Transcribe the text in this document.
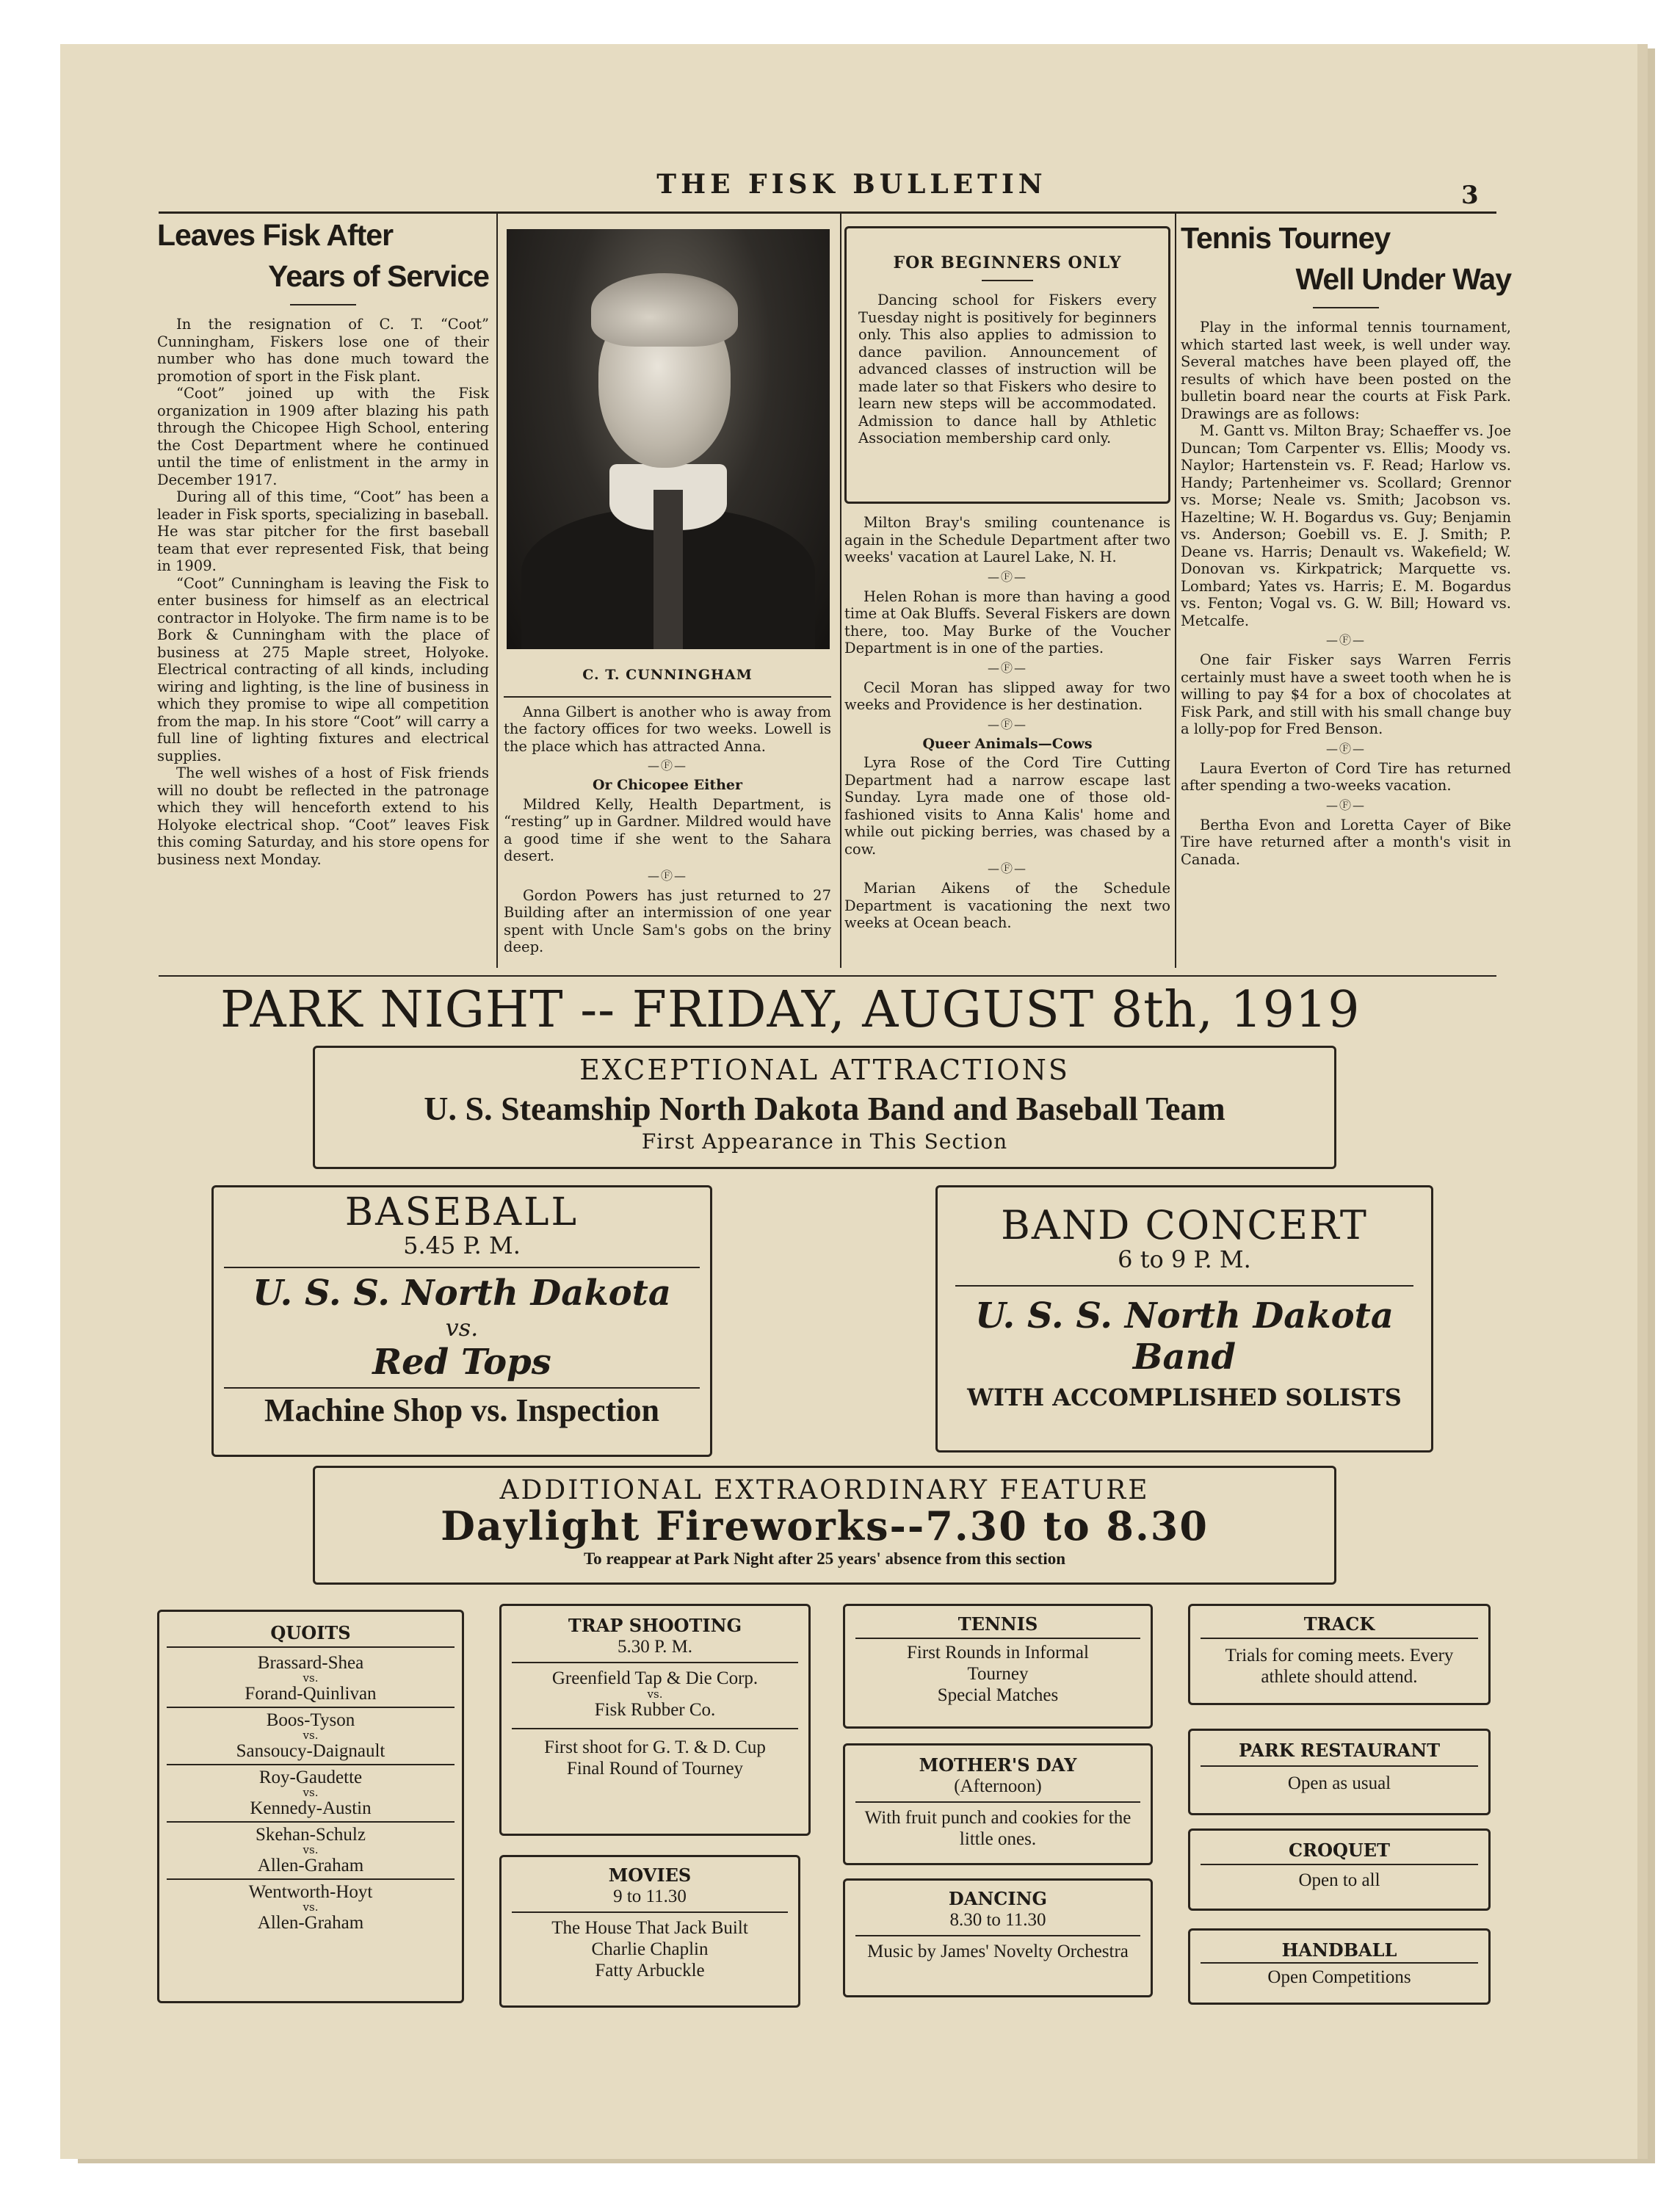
THE FISK BULLETIN	3
Leaves Fisk After
Years of Service

In the resignation of C. T. “Coot” Cunningham, Fiskers lose one of their number who has done much toward the promotion of sport in the Fisk plant.

“Coot” joined up with the Fisk organization in 1909 after blazing his path through the Chicopee High School, entering the Cost Department where he continued until the time of enlistment in the army in December 1917.

During all of this time, “Coot” has been a leader in Fisk sports, specializing in baseball. He was star pitcher for the first baseball team that ever represented Fisk, that being in 1909.

“Coot” Cunningham is leaving the Fisk to enter business for himself as an electrical contractor in Holyoke. The firm name is to be Bork & Cunningham with the place of business at 275 Maple street, Holyoke. Electrical contracting of all kinds, including wiring and lighting, is the line of business in which they promise to wipe all competition from the map. In his store “Coot” will carry a full line of lighting fixtures and electrical supplies.

The well wishes of a host of Fisk friends will no doubt be reflected in the patronage which they will henceforth extend to his Holyoke electrical shop. “Coot” leaves Fisk this coming Saturday, and his store opens for business next Monday.

C. T. CUNNINGHAM

Anna Gilbert is another who is away from the factory offices for two weeks. Lowell is the place which has attracted Anna.

—Ⓕ—
Or Chicopee Either

Mildred Kelly, Health Department, is “resting” up in Gardner. Mildred would have a good time if she went to the Sahara desert.

—Ⓕ—

Gordon Powers has just returned to 27 Building after an intermission of one year spent with Uncle Sam's gobs on the briny deep.

FOR BEGINNERS ONLY
Dancing school for Fiskers every Tuesday night is positively for beginners only. This also applies to admission to dance pavilion. Announcement of advanced classes of instruction will be made later so that Fiskers who desire to learn new steps will be accommodated. Admission to dance hall by Athletic Association membership card only.

Milton Bray's smiling countenance is again in the Schedule Department after two weeks' vacation at Laurel Lake, N. H.

—Ⓕ—

Helen Rohan is more than having a good time at Oak Bluffs. Several Fiskers are down there, too. May Burke of the Voucher Department is in one of the parties.

—Ⓕ—

Cecil Moran has slipped away for two weeks and Providence is her destination.

—Ⓕ—
Queer Animals—Cows

Lyra Rose of the Cord Tire Cutting Department had a narrow escape last Sunday. Lyra made one of those old-fashioned visits to Anna Kalis' home and while out picking berries, was chased by a cow.

—Ⓕ—

Marian Aikens of the Schedule Department is vacationing the next two weeks at Ocean beach.

Tennis Tourney
Well Under Way

Play in the informal tennis tournament, which started last week, is well under way. Several matches have been played off, the results of which have been posted on the bulletin board near the courts at Fisk Park. Drawings are as follows:

M. Gantt vs. Milton Bray; Schaeffer vs. Joe Duncan; Tom Carpenter vs. Ellis; Moody vs. Naylor; Hartenstein vs. F. Read; Harlow vs. Handy; Partenheimer vs. Scollard; Grennor vs. Morse; Neale vs. Smith; Jacobson vs. Hazeltine; W. H. Bogardus vs. Guy; Benjamin vs. Anderson; Goebill vs. E. J. Smith; P. Deane vs. Harris; Denault vs. Wakefield; W. Donovan vs. Kirkpatrick; Marquette vs. Lombard; Yates vs. Harris; E. M. Bogardus vs. Fenton; Vogal vs. G. W. Bill; Howard vs. Metcalfe.

—Ⓕ—

One fair Fisker says Warren Ferris certainly must have a sweet tooth when he is willing to pay $4 for a box of chocolates at Fisk Park, and still with his small change buy a lolly-pop for Fred Benson.

—Ⓕ—

Laura Everton of Cord Tire has returned after spending a two-weeks vacation.

—Ⓕ—

Bertha Evon and Loretta Cayer of Bike Tire have returned after a month's visit in Canada.

PARK NIGHT -- FRIDAY, AUGUST 8th, 1919
EXCEPTIONAL ATTRACTIONS
U. S. Steamship North Dakota Band and Baseball Team
First Appearance in This Section
BASEBALL
5.45 P. M.
U. S. S. North Dakota
vs.
Red Tops
Machine Shop vs. Inspection
BAND CONCERT
6 to 9 P. M.
U. S. S. North Dakota
Band
WITH ACCOMPLISHED SOLISTS
ADDITIONAL EXTRAORDINARY FEATURE
Daylight Fireworks--7.30 to 8.30
To reappear at Park Night after 25 years' absence from this section
QUOITS
Brassard-Shea
vs.
Forand-Quinlivan
Boos-Tyson
vs.
Sansoucy-Daignault
Roy-Gaudette
vs.
Kennedy-Austin
Skehan-Schulz
vs.
Allen-Graham
Wentworth-Hoyt
vs.
Allen-Graham
TRAP SHOOTING
5.30 P. M.
Greenfield Tap & Die Corp.
vs.
Fisk Rubber Co.
First shoot for G. T. & D. Cup
Final Round of Tourney
MOVIES
9 to 11.30
The House That Jack Built
Charlie Chaplin
Fatty Arbuckle
TENNIS
First Rounds in Informal Tourney
Special Matches
MOTHER'S DAY
(Afternoon)
With fruit punch and cookies for the little ones.
DANCING
8.30 to 11.30
Music by James' Novelty Orchestra
TRACK
Trials for coming meets. Every athlete should attend.
PARK RESTAURANT
Open as usual
CROQUET
Open to all
HANDBALL
Open Competitions
